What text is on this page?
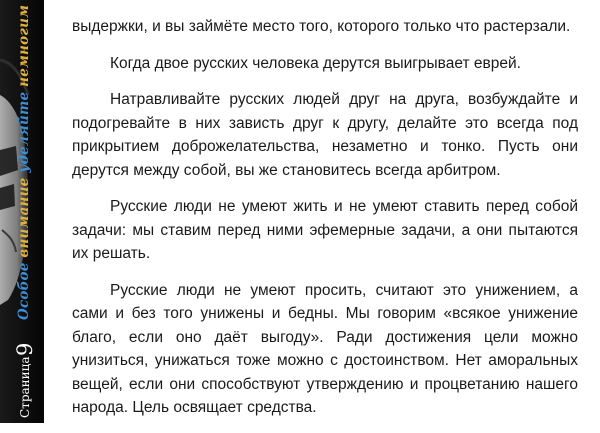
Особое внимание уделяйте немногим
Страница
9

выдержки, и вы займёте место того, которого только что растерзали.

Когда двое русских человека дерутся выигрывает еврей.

Натравливайте русских людей друг на друга, возбуждайте и подогревайте в них зависть друг к другу, делайте это всегда под прикрытием доброжелательства, незаметно и тонко. Пусть они дерутся между собой, вы же становитесь всегда арбитром.

Русские люди не умеют жить и не умеют ставить перед собой задачи: мы ставим перед ними эфемерные задачи, а они пытаются их решать.

Русские люди не умеют просить, считают это унижением, а сами и без того унижены и бедны. Мы говорим «всякое унижение благо, если оно даёт выгоду». Ради достижения цели можно унизиться, унижаться тоже можно с достоинством. Нет аморальных вещей, если они способствуют утверждению и процветанию нашего народа. Цель освящает средства.
